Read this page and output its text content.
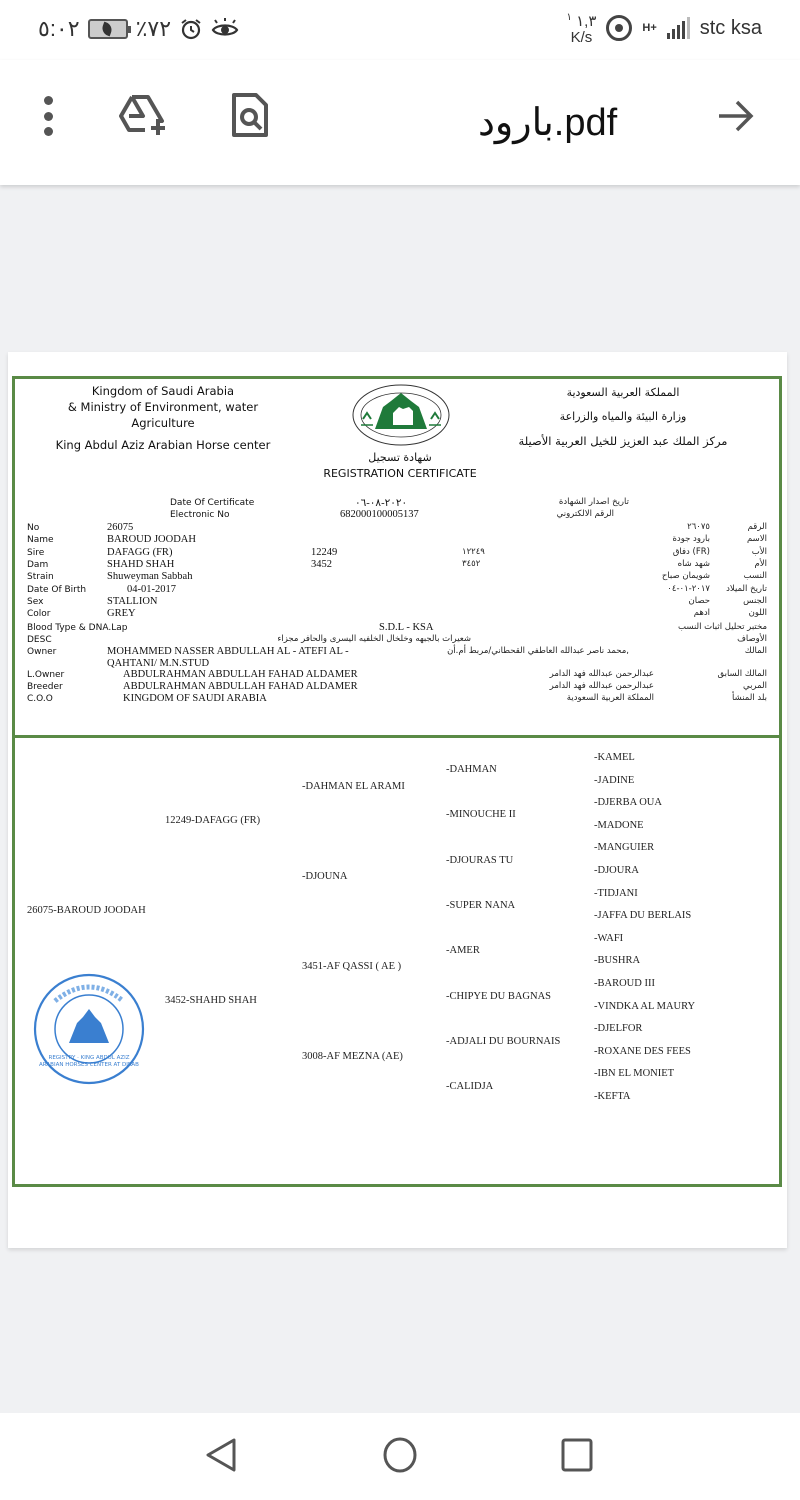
٥:٠٢	٪٧٢	١,٣ $^١$
K/s
H+ stc ksa
بارود.pdf
Kingdom of Saudi Arabia
& Ministry of Environment, water
Agriculture
King Abdul Aziz Arabian Horse center
شهادة تسجيل
REGISTRATION CERTIFICATE
المملكة العربية السعودية
وزارة البيئة والمياه والزراعة
مركز الملك عبد العزيز للخيل العربية الأصيلة
Date Of Certificate	٢٠٢٠-٠٨-٠٦	تاريخ اصدار الشهادة
Electronic No	682000100005137	الرقم الالكتروني
No	26075	٢٦٠٧٥	الرقم
Name	BAROUD JOODAH	بارود جودة	الاسم
Sire	DAFAGG (FR)	12249	١٢٢٤٩	(FR) دفاق	الأب
Dam	SHAHD SHAH	3452	٣٤٥٢	شهد شاه	الأم
Strain	Shuweyman Sabbah	شويمان صباح	النسب
Date Of Birth	04-01-2017	٢٠١٧-٠١-٠٤ تاريخ الميلاد
Sex	STALLION	حصان	الجنس
Color	GREY	ادهم	اللون
Blood Type & DNA.Lap	S.D.L - KSA	مختبر تحليل اثبات النسب
DESC	شعيرات بالجبهه وخلخال الخلفيه اليسرى والحافر مجزاء	الأوصاف
Owner	MOHAMMED NASSER ABDULLAH AL - ATEFI AL -
QAHTANI/ M.N.STUD
,محمد ناصر عبدالله العاطفي القحطاني/مربط أم.أن	المالك
L.Owner	ABDULRAHMAN ABDULLAH FAHAD ALDAMER	عبدالرحمن عبدالله فهد الدامر	المالك السابق
Breeder	ABDULRAHMAN ABDULLAH FAHAD ALDAMER	عبدالرحمن عبدالله فهد الدامر	المربي
C.O.O	KINGDOM OF SAUDI ARABIA	المملكة العربية السعودية	بلد المنشأ
26075-BAROUD JOODAH
12249-DAFAGG (FR)
3452-SHAHD SHAH
-DAHMAN EL ARAMI
-DJOUNA
3451-AF QASSI ( AE )
3008-AF MEZNA (AE)
-DAHMAN
-MINOUCHE II
-DJOURAS TU
-SUPER NANA
-AMER
-CHIPYE DU BAGNAS
-ADJALI DU BOURNAIS
-CALIDJA
-KAMEL
-JADINE
-DJERBA OUA
-MADONE
-MANGUIER
-DJOURA
-TIDJANI
-JAFFA DU BERLAIS
-WAFI
-BUSHRA
-BAROUD III
-VINDKA AL MAURY
-DJELFOR
-ROXANE DES FEES
-IBN EL MONIET
-KEFTA
REGISTRY · KING ABDUL AZIZ ARABIAN HORSES CENTER AT DIRAB
